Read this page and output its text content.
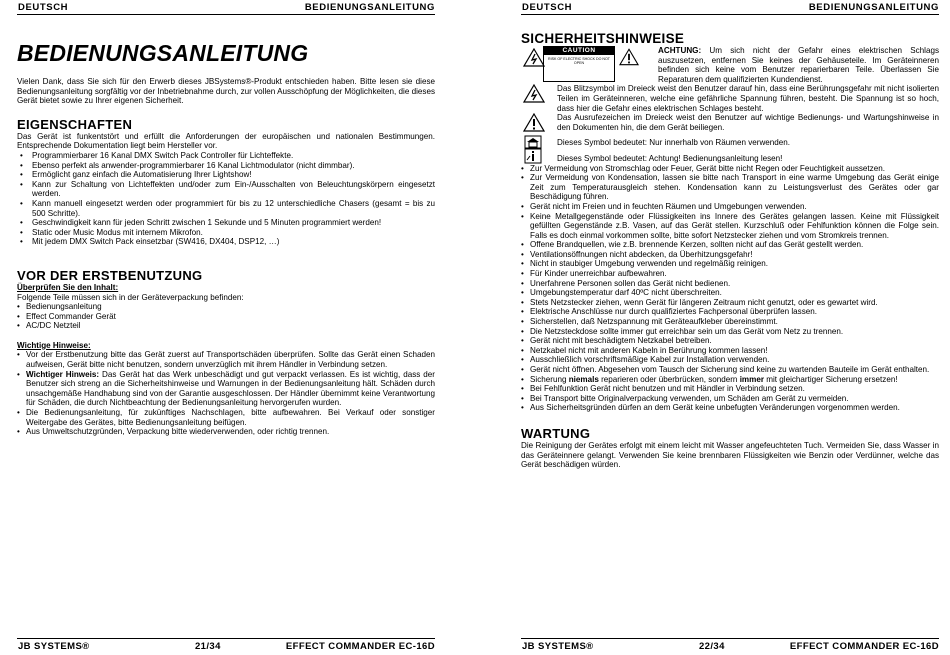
DEUTSCH	BEDIENUNGSANLEITUNG
BEDIENUNGSANLEITUNG

Vielen Dank, dass Sie sich für den Erwerb dieses JBSystems®-Produkt entschieden haben. Bitte lesen sie diese Bedienungsanleitung sorgfältig vor der Inbetriebnahme durch, zur vollen Ausschöpfung der Möglichkeiten, die dieses Gerät bietet sowie zu Ihrer eigenen Sicherheit.

EIGENSCHAFTEN

Das Gerät ist funkentstört und erfüllt die Anforderungen der europäischen und nationalen Bestimmungen. Entsprechende Dokumentation liegt beim Hersteller vor.

• Programmierbarer 16 Kanal DMX Switch Pack Controller für Lichteffekte.
• Ebenso perfekt als anwender-programmierbarer 16 Kanal Lichtmodulator (nicht dimmbar).
• Ermöglicht ganz einfach die Automatisierung Ihrer Lightshow!
• Kann zur Schaltung von Lichteffekten und/oder zum Ein-/Ausschalten von Beleuchtungskörpern eingesetzt werden.
• Kann manuell eingesetzt werden oder programmiert für bis zu 12 unterschiedliche Chasers (gesamt = bis zu 500 Schritte).
• Geschwindigkeit kann für jeden Schritt zwischen 1 Sekunde und 5 Minuten programmiert werden!
• Static oder Music Modus mit internem Mikrofon.
• Mit jedem DMX Switch Pack einsetzbar (SW416, DX404, DSP12, …)
VOR DER ERSTBENUTZUNG

Überprüfen Sie den Inhalt:

Folgende Teile müssen sich in der Geräteverpackung befinden:

• Bedienungsanleitung
• Effect Commander Gerät
• AC/DC Netzteil

Wichtige Hinweise:

• Vor der Erstbenutzung bitte das Gerät zuerst auf Transportschäden überprüfen. Sollte das Gerät einen Schaden aufweisen, Gerät bitte nicht benutzen, sondern unverzüglich mit ihrem Händler in Verbindung setzen.
• Wichtiger Hinweis: Das Gerät hat das Werk unbeschädigt und gut verpackt verlassen. Es ist wichtig, dass der Benutzer sich streng an die Sicherheitshinweise und Warnungen in der Bedienungsanleitung hält. Schäden durch unsachgemäße Handhabung sind von der Garantie ausgeschlossen. Der Händler übernimmt keine Verantwortung für Schäden, die durch Nichtbeachtung der Bedienungsanleitung hervorgerufen wurden.
• Die Bedienungsanleitung, für zukünftiges Nachschlagen, bitte aufbewahren. Bei Verkauf oder sonstiger Weitergabe des Gerätes, bitte Bedienungsanleitung beifügen.
• Aus Umweltschutzgründen, Verpackung bitte wiederverwenden, oder richtig trennen.
JB SYSTEMS®	21/34	EFFECT COMMANDER EC-16D
DEUTSCH	BEDIENUNGSANLEITUNG
SICHERHEITSHINWEISE
CAUTION
RISK OF ELECTRIC SHOCK DO NOT OPEN
ACHTUNG: Um sich nicht der Gefahr eines elektrischen Schlags auszusetzen, entfernen Sie keines der Gehäuseteile. Im Geräteinneren befinden sich keine vom Benutzer reparierbaren Teile. Überlassen Sie Reparaturen dem qualifizierten Kundendienst.
Das Blitzsymbol im Dreieck weist den Benutzer darauf hin, dass eine Berührungsgefahr mit nicht isolierten Teilen im Geräteinneren, welche eine gefährliche Spannung führen, besteht. Die Spannung ist so hoch, dass hier die Gefahr eines elektrischen Schlages besteht.
Das Ausrufezeichen im Dreieck weist den Benutzer auf wichtige Bedienungs- und Wartungshinweise in den Dokumenten hin, die dem Gerät beiliegen.
Dieses Symbol bedeutet: Nur innerhalb von Räumen verwenden.
Dieses Symbol bedeutet: Achtung! Bedienungsanleitung lesen!
• Zur Vermeidung von Stromschlag oder Feuer, Gerät bitte nicht Regen oder Feuchtigkeit aussetzen.
• Zur Vermeidung von Kondensation, lassen sie bitte nach Transport in eine warme Umgebung das Gerät einige Zeit zum Temperaturausgleich stehen. Kondensation kann zu Leistungsverlust des Gerätes oder gar Beschädigung führen.
• Gerät nicht im Freien und in feuchten Räumen und Umgebungen verwenden.
• Keine Metallgegenstände oder Flüssigkeiten ins Innere des Gerätes gelangen lassen. Keine mit Flüssigkeit gefüllten Gegenstände z.B. Vasen, auf das Gerät stellen. Kurzschluß oder Fehlfunktion können die Folge sein. Falls es doch einmal vorkommen sollte, bitte sofort Netzstecker ziehen und vom Stromkreis trennen.
• Offene Brandquellen, wie z.B. brennende Kerzen, sollten nicht auf das Gerät gestellt werden.
• Ventilationsöffnungen nicht abdecken, da Überhitzungsgefahr!
• Nicht in staubiger Umgebung verwenden und regelmäßig reinigen.
• Für Kinder unerreichbar aufbewahren.
• Unerfahrene Personen sollen das Gerät nicht bedienen.
• Umgebungstemperatur darf 40ºC nicht überschreiten.
• Stets Netzstecker ziehen, wenn Gerät für längeren Zeitraum nicht genutzt, oder es gewartet wird.
• Elektrische Anschlüsse nur durch qualifiziertes Fachpersonal überprüfen lassen.
• Sicherstellen, daß Netzspannung mit Geräteaufkleber übereinstimmt.
• Die Netzsteckdose sollte immer gut erreichbar sein um das Gerät vom Netz zu trennen.
• Gerät nicht mit beschädigtem Netzkabel betreiben.
• Netzkabel nicht mit anderen Kabeln in Berührung kommen lassen!
• Ausschließlich vorschriftsmäßige Kabel zur Installation verwenden.
• Gerät nicht öffnen. Abgesehen vom Tausch der Sicherung sind keine zu wartenden Bauteile im Gerät enthalten.
• Sicherung niemals reparieren oder überbrücken, sondern immer mit gleichartiger Sicherung ersetzen!
• Bei Fehlfunktion Gerät nicht benutzen und mit Händler in Verbindung setzen.
• Bei Transport bitte Originalverpackung verwenden, um Schäden am Gerät zu vermeiden.
• Aus Sicherheitsgründen dürfen an dem Gerät keine unbefugten Veränderungen vorgenommen werden.
WARTUNG

Die Reinigung der Gerätes erfolgt mit einem leicht mit Wasser angefeuchteten Tuch. Vermeiden Sie, dass Wasser in das Geräteinnere gelangt. Verwenden Sie keine brennbaren Flüssigkeiten wie Benzin oder Verdünner, welche das Gerät beschädigen würden.

JB SYSTEMS®	22/34	EFFECT COMMANDER EC-16D
